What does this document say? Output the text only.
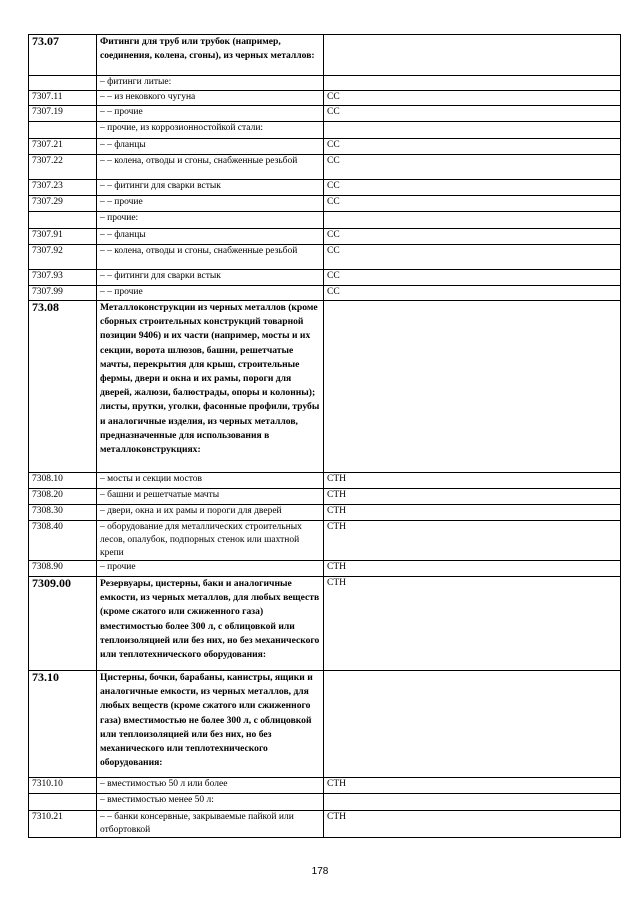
73.07	Фитинги для труб или трубок (например, соединения, колена, сгоны), из черных металлов:	
	– фитинги литые:	
7307.11	– – из нековкого чугуна	СС
7307.19	– – прочие	СС
	– прочие, из коррозионностойкой стали:	
7307.21	– – фланцы	СС
7307.22	– – колена, отводы и сгоны, снабженные резьбой	СС
7307.23	– – фитинги для сварки встык	СС
7307.29	– – прочие	СС
	– прочие:	
7307.91	– – фланцы	СС
7307.92	– – колена, отводы и сгоны, снабженные резьбой	СС
7307.93	– – фитинги для сварки встык	СС
7307.99	– – прочие	СС
73.08	Металлоконструкции из черных металлов (кроме сборных строительных конструкций товарной позиции 9406) и их части (например, мосты и их секции, ворота шлюзов, башни, решетчатые мачты, перекрытия для крыш, строительные фермы, двери и окна и их рамы, пороги для дверей, жалюзи, балюстрады, опоры и колонны); листы, прутки, уголки, фасонные профили, трубы и аналогичные изделия, из черных металлов, предназначенные для использования в металлоконструкциях:	
7308.10	– мосты и секции мостов	СТН
7308.20	– башни и решетчатые мачты	СТН
7308.30	– двери, окна и их рамы и пороги для дверей	СТН
7308.40	– оборудование для металлических строительных лесов, опалубок, подпорных стенок или шахтной крепи	СТН
7308.90	– прочие	СТН
7309.00	Резервуары, цистерны, баки и аналогичные емкости, из черных металлов, для любых веществ (кроме сжатого или сжиженного газа) вместимостью более 300 л, с облицовкой или теплоизоляцией или без них, но без механического или теплотехнического оборудования:	СТН
73.10	Цистерны, бочки, барабаны, канистры, ящики и аналогичные емкости, из черных металлов, для любых веществ (кроме сжатого или сжиженного газа) вместимостью не более 300 л, с облицовкой или теплоизоляцией или без них, но без механического или теплотехнического оборудования:	
7310.10	– вместимостью 50 л или более	СТН
	– вместимостью менее 50 л:	
7310.21	– – банки консервные, закрываемые пайкой или отбортовкой	СТН
178
